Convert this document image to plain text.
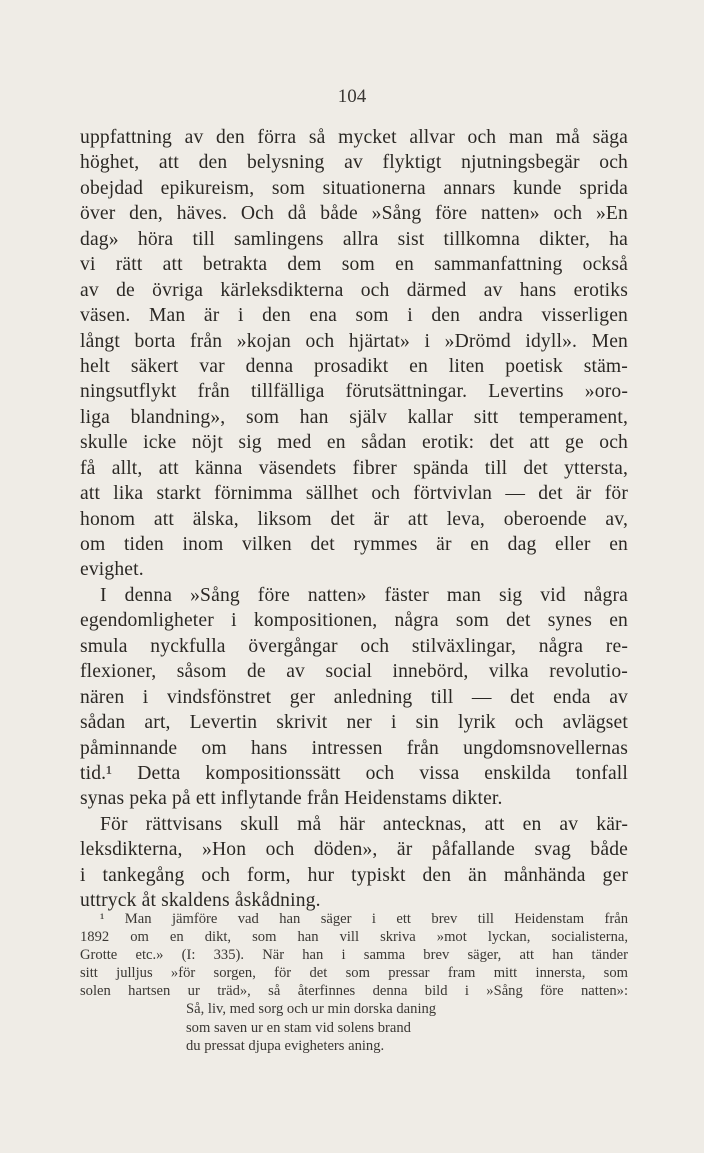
104
uppfattning av den förra så mycket allvar och man må säga
höghet, att den belysning av flyktigt njutningsbegär och
obejdad epikureism, som situationerna annars kunde sprida
över den, häves. Och då både »Sång före natten» och »En
dag» höra till samlingens allra sist tillkomna dikter, ha
vi rätt att betrakta dem som en sammanfattning också
av de övriga kärleksdikterna och därmed av hans erotiks
väsen. Man är i den ena som i den andra visserligen
långt borta från »kojan och hjärtat» i »Drömd idyll». Men
helt säkert var denna prosadikt en liten poetisk stäm-
ningsutflykt från tillfälliga förutsättningar. Levertins »oro-
liga blandning», som han själv kallar sitt temperament,
skulle icke nöjt sig med en sådan erotik: det att ge och
få allt, att känna väsendets fibrer spända till det yttersta,
att lika starkt förnimma sällhet och förtvivlan — det är för
honom att älska, liksom det är att leva, oberoende av,
om tiden inom vilken det rymmes är en dag eller en
evighet.
I denna »Sång före natten» fäster man sig vid några
egendomligheter i kompositionen, några som det synes en
smula nyckfulla övergångar och stilväxlingar, några re-
flexioner, såsom de av social innebörd, vilka revolutio-
nären i vindsfönstret ger anledning till — det enda av
sådan art, Levertin skrivit ner i sin lyrik och avlägset
påminnande om hans intressen från ungdomsnovellernas
tid.¹ Detta kompositionssätt och vissa enskilda tonfall
synas peka på ett inflytande från Heidenstams dikter.
För rättvisans skull må här antecknas, att en av kär-
leksdikterna, »Hon och döden», är påfallande svag både
i tankegång och form, hur typiskt den än månhända ger
uttryck åt skaldens åskådning.
¹ Man jämföre vad han säger i ett brev till Heidenstam från
1892 om en dikt, som han vill skriva »mot lyckan, socialisterna,
Grotte etc.» (I: 335). När han i samma brev säger, att han tänder
sitt julljus »för sorgen, för det som pressar fram mitt innersta, som
solen hartsen ur träd», så återfinnes denna bild i »Sång före natten»:
Så, liv, med sorg och ur min dorska daning
som saven ur en stam vid solens brand
du pressat djupa evigheters aning.
